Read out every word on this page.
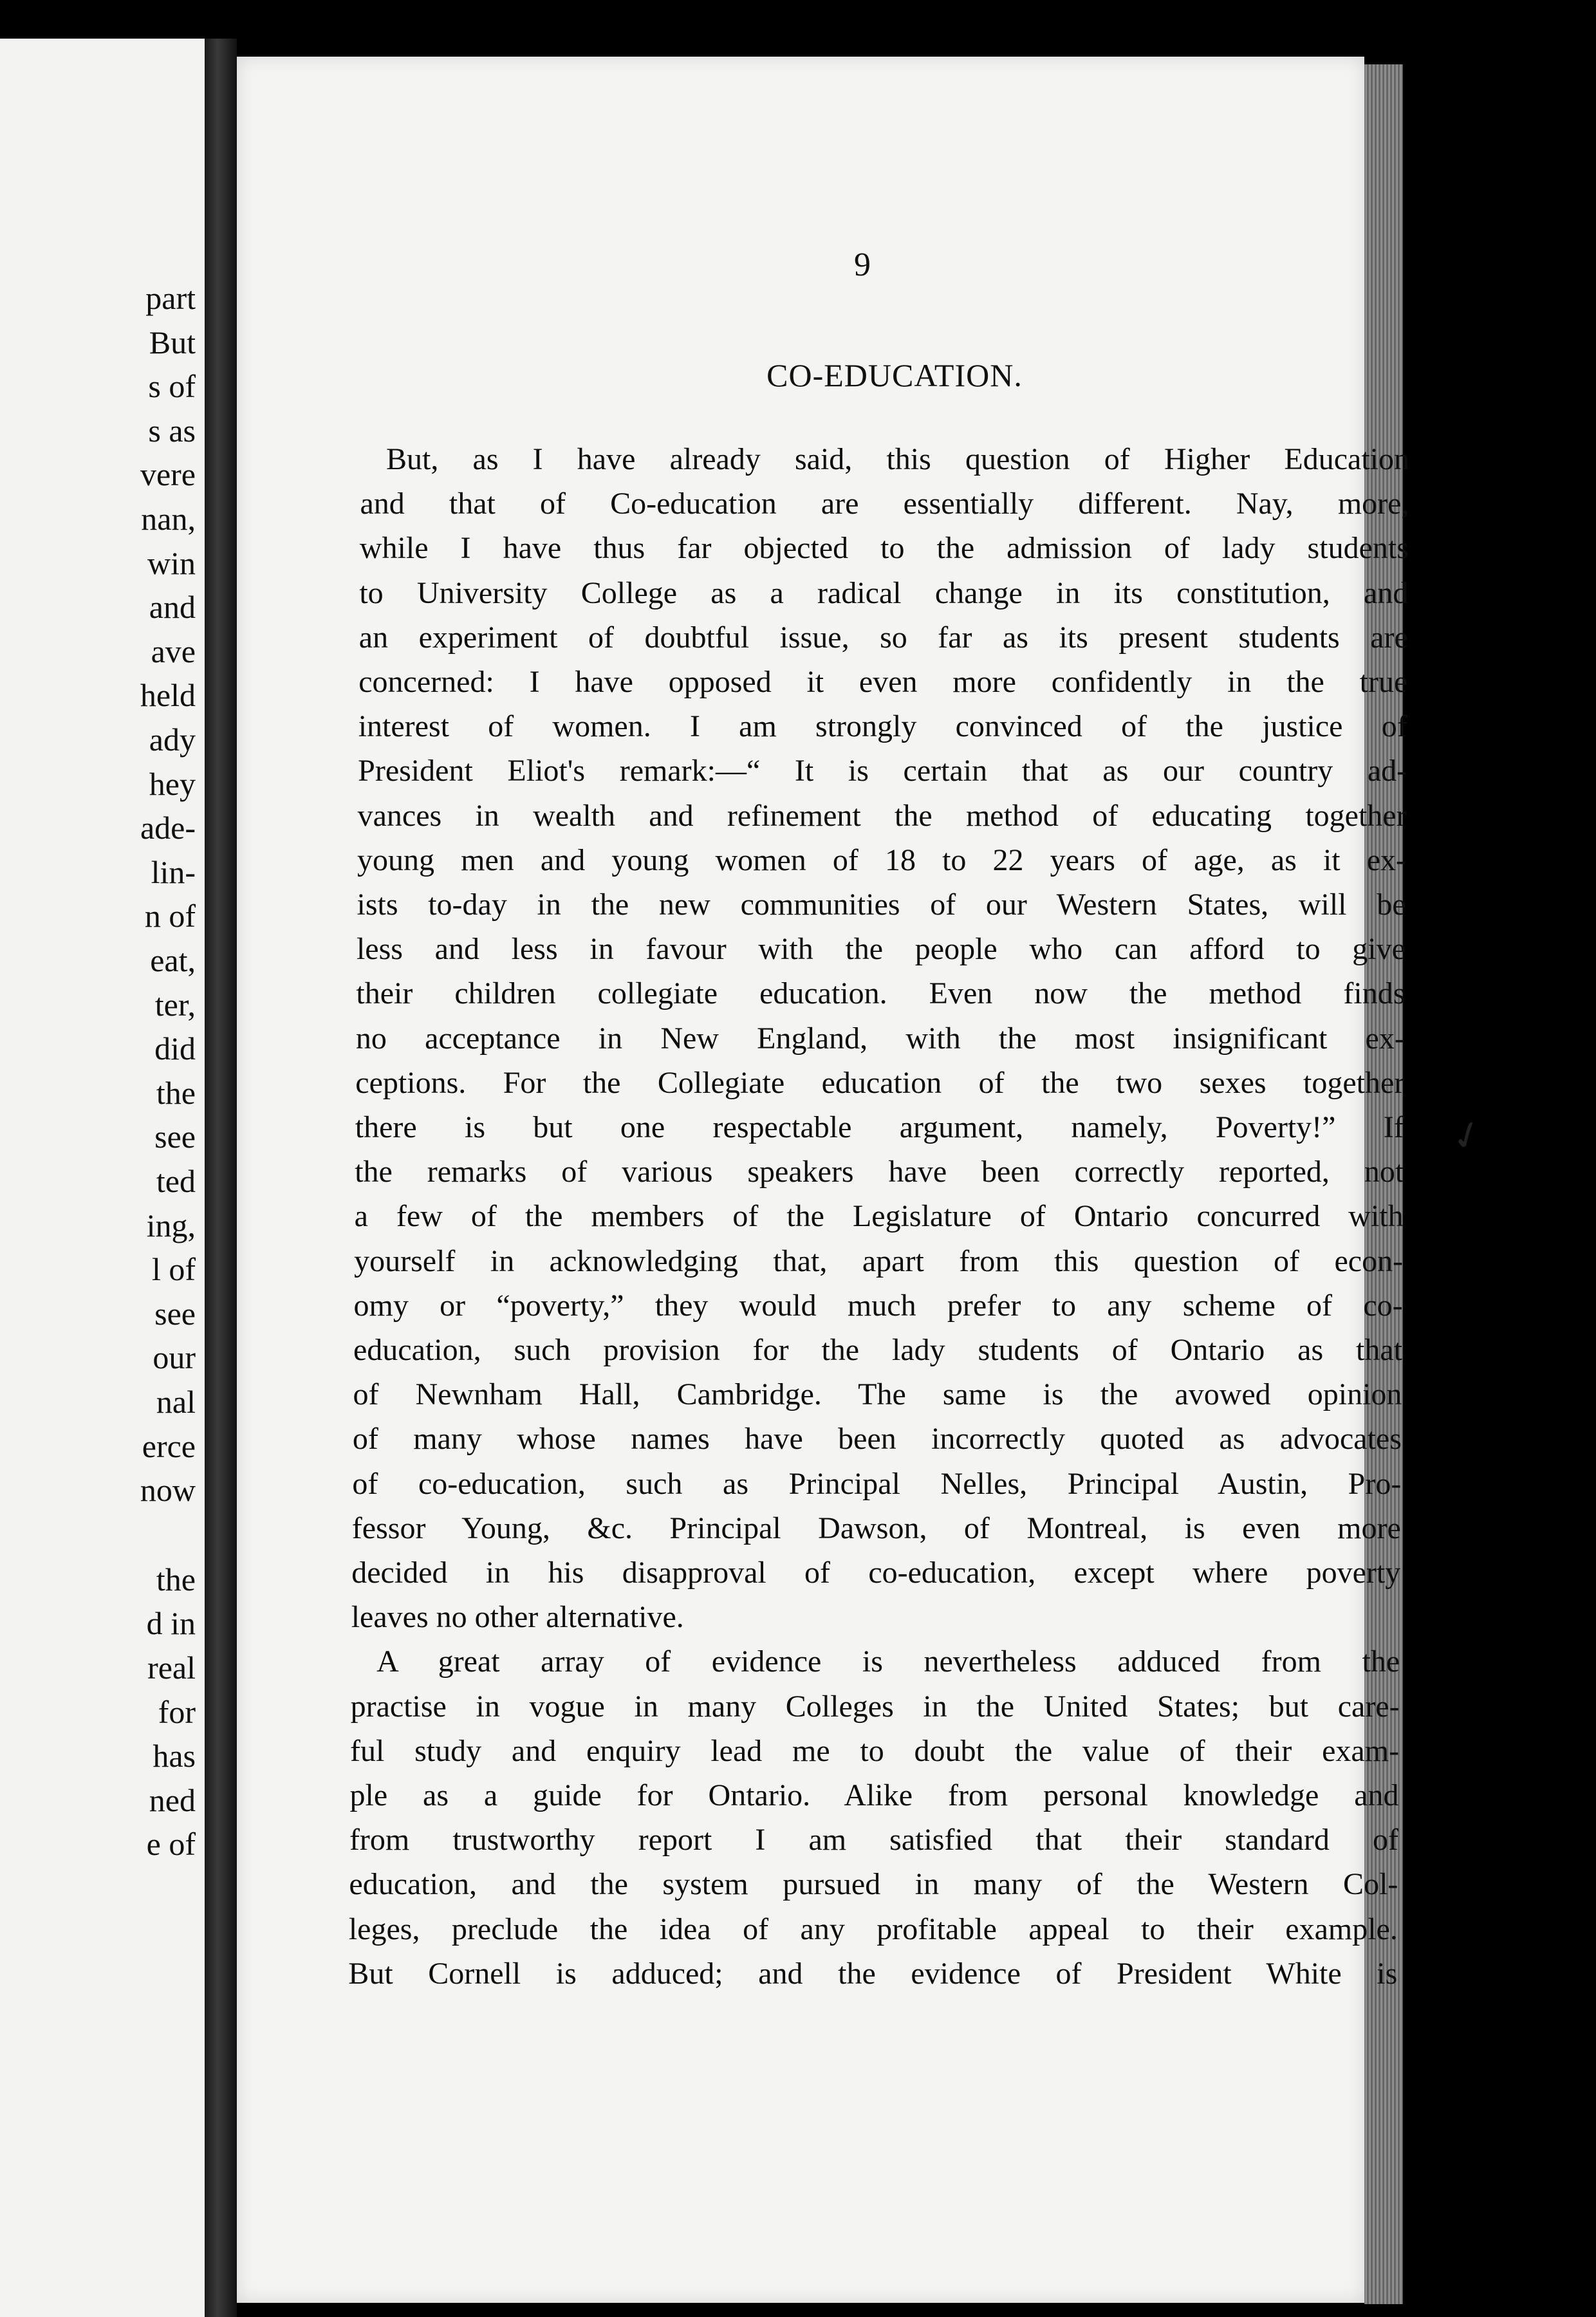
part
But
s of
s as
vere
nan,
win
and
ave
held
ady
hey
ade-
lin-
n of
eat,
ter,
did
the
see
ted
ing,
l of
see
our
nal
erce
now
the
d in
real
for
has
ned
e of
9
CO-EDUCATION.

But, as I have already said, this question of Higher Education

and that of Co-education are essentially different. Nay, more,

while I have thus far objected to the admission of lady students

to University College as a radical change in its constitution, and

an experiment of doubtful issue, so far as its present students are

concerned: I have opposed it even more confidently in the true

interest of women. I am strongly convinced of the justice of

President Eliot's remark:—“ It is certain that as our country ad-

vances in wealth and refinement the method of educating together

young men and young women of 18 to 22 years of age, as it ex-

ists to-day in the new communities of our Western States, will be

less and less in favour with the people who can afford to give

their children collegiate education. Even now the method finds

no acceptance in New England, with the most insignificant ex-

ceptions. For the Collegiate education of the two sexes together

there is but one respectable argument, namely, Poverty!” If

the remarks of various speakers have been correctly reported, not

a few of the members of the Legislature of Ontario concurred with

yourself in acknowledging that, apart from this question of econ-

omy or “poverty,” they would much prefer to any scheme of co-

education, such provision for the lady students of Ontario as that

of Newnham Hall, Cambridge. The same is the avowed opinion

of many whose names have been incorrectly quoted as advocates

of co-education, such as Principal Nelles, Principal Austin, Pro-

fessor Young, &c. Principal Dawson, of Montreal, is even more

decided in his disapproval of co-education, except where poverty

leaves no other alternative.

A great array of evidence is nevertheless adduced from the

practise in vogue in many Colleges in the United States; but care-

ful study and enquiry lead me to doubt the value of their exam-

ple as a guide for Ontario. Alike from personal knowledge and

from trustworthy report I am satisfied that their standard of

education, and the system pursued in many of the Western Col-

leges, preclude the idea of any profitable appeal to their example.

But Cornell is adduced; and the evidence of President White is

✓
